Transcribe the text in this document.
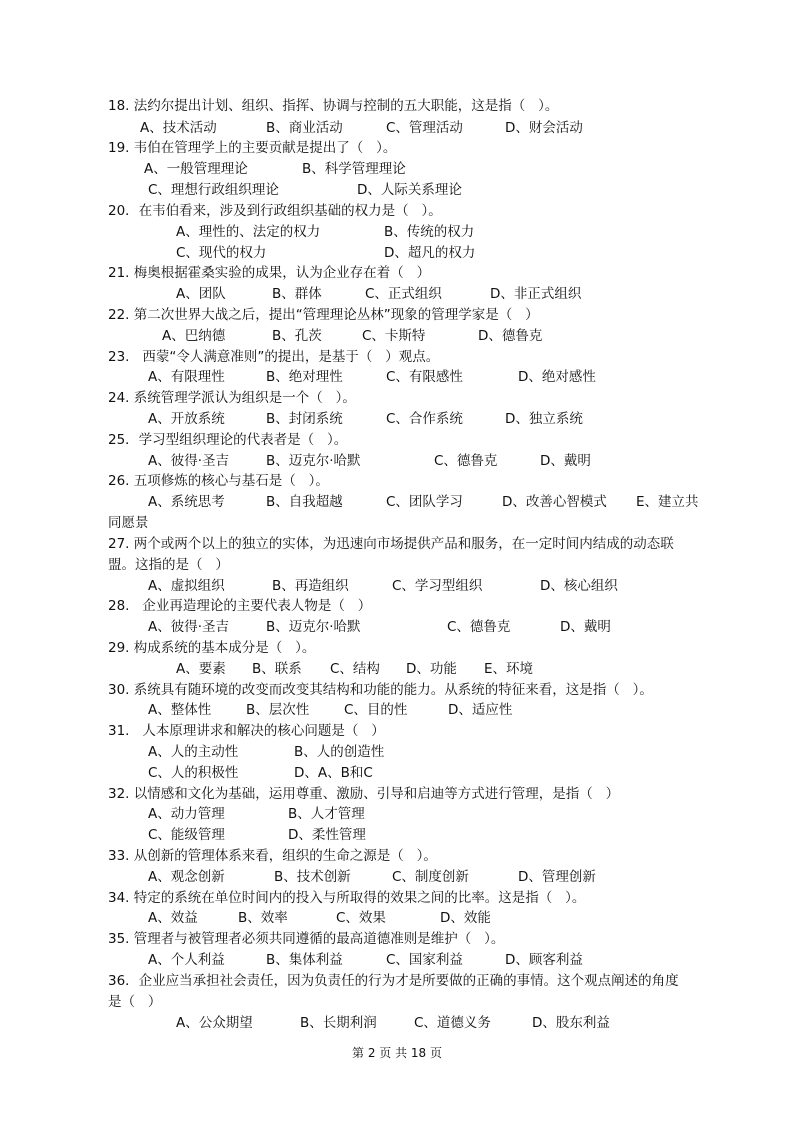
18. 法约尔提出计划、组织、指挥、协调与控制的五大职能，这是指（   ）。
A、技术活动	B、商业活动	C、管理活动	D、财会活动
19. 韦伯在管理学上的主要贡献是提出了（   ）。
A、一般管理理论	B、科学管理理论
C、理想行政组织理论	D、人际关系理论
20．在韦伯看来，涉及到行政组织基础的权力是（   ）。
A、理性的、法定的权力	B、传统的权力
C、现代的权力	D、超凡的权力
21. 梅奥根据霍桑实验的成果，认为企业存在着（   ）
A、团队	B、群体	C、正式组织	D、非正式组织
22. 第二次世界大战之后，提出“管理理论丛林”现象的管理学家是（   ）
A、巴纳德	B、孔茨	C、卡斯特	D、德鲁克
23.   西蒙“令人满意准则”的提出，是基于（   ）观点。
A、有限理性	B、绝对理性	C、有限感性	D、绝对感性
24. 系统管理学派认为组织是一个（   ）。
A、开放系统	B、封闭系统	C、合作系统	D、独立系统
25．学习型组织理论的代表者是（   ）。
A、彼得·圣吉	B、迈克尔·哈默	C、德鲁克	D、戴明
26. 五项修炼的核心与基石是（   ）。
A、系统思考	B、自我超越	C、团队学习	D、改善心智模式 E、建立共
同愿景
27. 两个或两个以上的独立的实体，为迅速向市场提供产品和服务，在一定时间内结成的动态联
盟。这指的是（   ）
A、虚拟组织	B、再造组织	C、学习型组织	D、核心组织
28.   企业再造理论的主要代表人物是（   ）
A、彼得·圣吉	B、迈克尔·哈默	C、德鲁克	D、戴明
29. 构成系统的基本成分是（   ）。
A、要素 B、联系 C、结构 D、功能 E、环境
30. 系统具有随环境的改变而改变其结构和功能的能力。从系统的特征来看，这是指（   ）。
A、整体性	B、层次性	C、目的性	D、适应性
31.   人本原理讲求和解决的核心问题是（   ）
A、人的主动性	B、人的创造性
C、人的积极性	D、A、B和C
32. 以情感和文化为基础，运用尊重、激励、引导和启迪等方式进行管理，是指（   ）
A、动力管理	B、人才管理
C、能级管理	D、柔性管理
33. 从创新的管理体系来看，组织的生命之源是（   ）。
A、观念创新	B、技术创新	C、制度创新	D、管理创新
34. 特定的系统在单位时间内的投入与所取得的效果之间的比率。这是指（   ）。
A、效益	B、效率	C、效果	D、效能
35. 管理者与被管理者必须共同遵循的最高道德准则是维护（   ）。
A、个人利益	B、集体利益	C、国家利益	D、顾客利益
36．企业应当承担社会责任，因为负责任的行为才是所要做的正确的事情。这个观点阐述的角度
是（   ）
A、公众期望	B、长期利润	C、道德义务	D、股东利益
第 2 页 共 18 页
